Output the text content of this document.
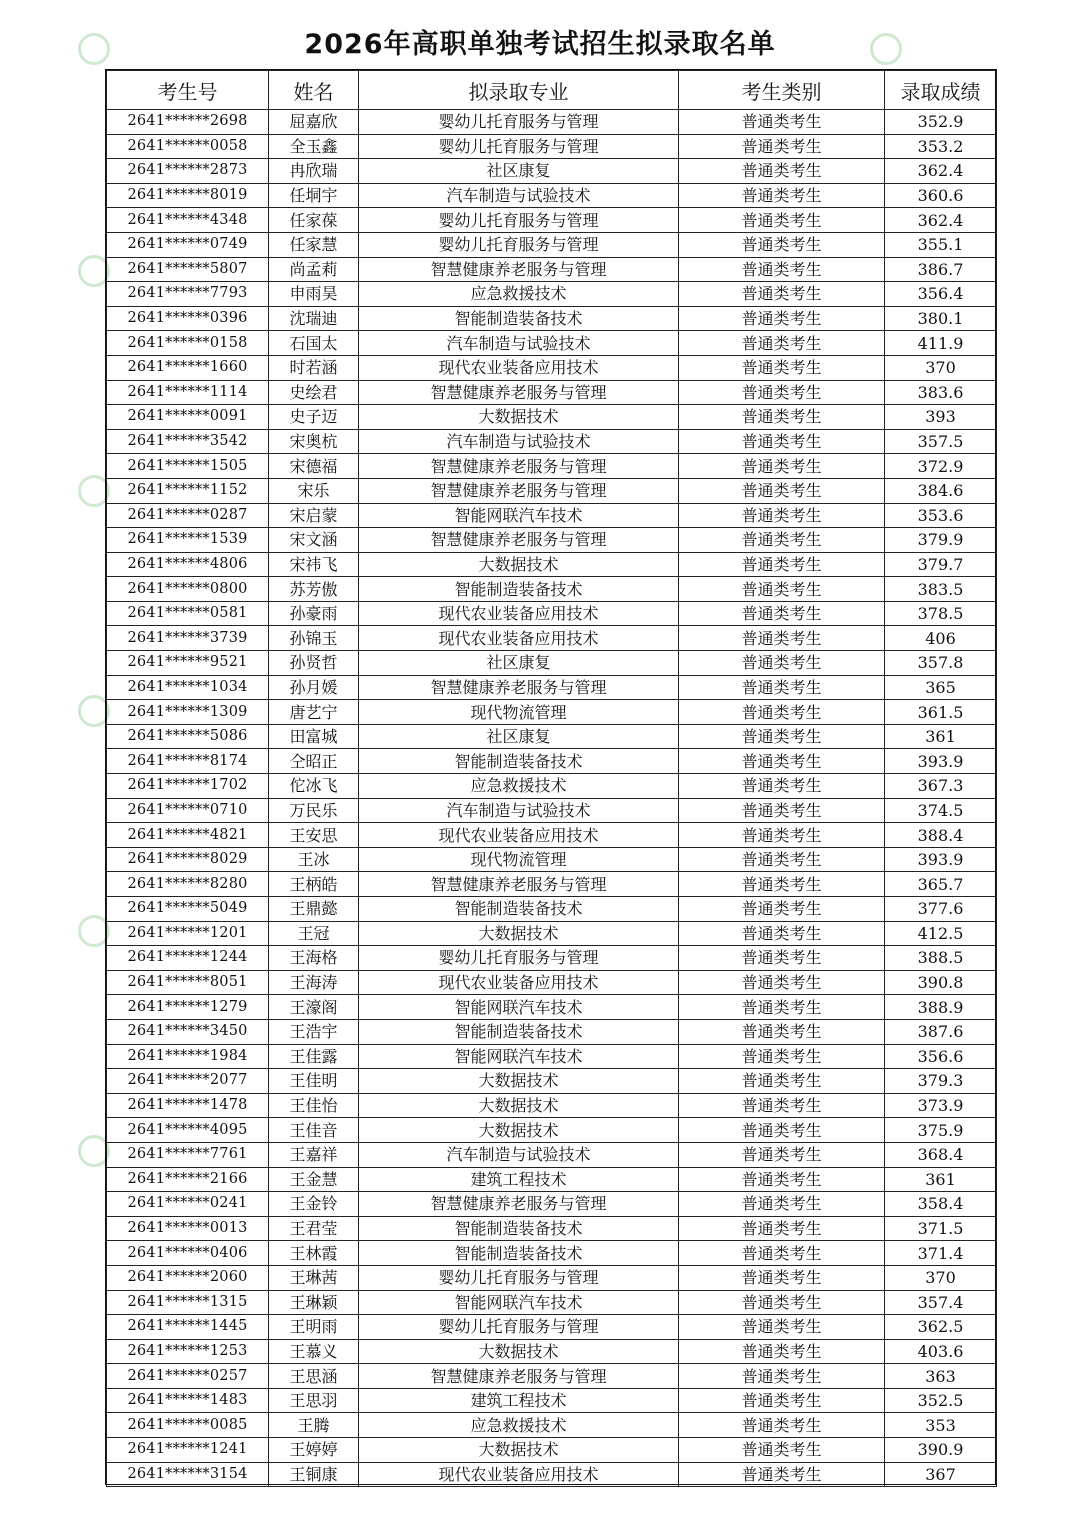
2026年高职单独考试招生拟录取名单
考生号	姓名	拟录取专业	考生类别	录取成绩
2641******2698	屈嘉欣	婴幼儿托育服务与管理	普通类考生	352.9
2641******0058	全玉鑫	婴幼儿托育服务与管理	普通类考生	353.2
2641******2873	冉欣瑞	社区康复	普通类考生	362.4
2641******8019	任垌宇	汽车制造与试验技术	普通类考生	360.6
2641******4348	任家葆	婴幼儿托育服务与管理	普通类考生	362.4
2641******0749	任家慧	婴幼儿托育服务与管理	普通类考生	355.1
2641******5807	尚孟莉	智慧健康养老服务与管理	普通类考生	386.7
2641******7793	申雨昊	应急救援技术	普通类考生	356.4
2641******0396	沈瑞迪	智能制造装备技术	普通类考生	380.1
2641******0158	石国太	汽车制造与试验技术	普通类考生	411.9
2641******1660	时若涵	现代农业装备应用技术	普通类考生	370
2641******1114	史绘君	智慧健康养老服务与管理	普通类考生	383.6
2641******0091	史子迈	大数据技术	普通类考生	393
2641******3542	宋奥杭	汽车制造与试验技术	普通类考生	357.5
2641******1505	宋德福	智慧健康养老服务与管理	普通类考生	372.9
2641******1152	宋乐	智慧健康养老服务与管理	普通类考生	384.6
2641******0287	宋启蒙	智能网联汽车技术	普通类考生	353.6
2641******1539	宋文涵	智慧健康养老服务与管理	普通类考生	379.9
2641******4806	宋祎飞	大数据技术	普通类考生	379.7
2641******0800	苏芳傲	智能制造装备技术	普通类考生	383.5
2641******0581	孙豪雨	现代农业装备应用技术	普通类考生	378.5
2641******3739	孙锦玉	现代农业装备应用技术	普通类考生	406
2641******9521	孙贤哲	社区康复	普通类考生	357.8
2641******1034	孙月媛	智慧健康养老服务与管理	普通类考生	365
2641******1309	唐艺宁	现代物流管理	普通类考生	361.5
2641******5086	田富城	社区康复	普通类考生	361
2641******8174	仝昭正	智能制造装备技术	普通类考生	393.9
2641******1702	佗冰飞	应急救援技术	普通类考生	367.3
2641******0710	万民乐	汽车制造与试验技术	普通类考生	374.5
2641******4821	王安思	现代农业装备应用技术	普通类考生	388.4
2641******8029	王冰	现代物流管理	普通类考生	393.9
2641******8280	王柄皓	智慧健康养老服务与管理	普通类考生	365.7
2641******5049	王鼎懿	智能制造装备技术	普通类考生	377.6
2641******1201	王冠	大数据技术	普通类考生	412.5
2641******1244	王海格	婴幼儿托育服务与管理	普通类考生	388.5
2641******8051	王海涛	现代农业装备应用技术	普通类考生	390.8
2641******1279	王濠阁	智能网联汽车技术	普通类考生	388.9
2641******3450	王浩宇	智能制造装备技术	普通类考生	387.6
2641******1984	王佳露	智能网联汽车技术	普通类考生	356.6
2641******2077	王佳明	大数据技术	普通类考生	379.3
2641******1478	王佳怡	大数据技术	普通类考生	373.9
2641******4095	王佳音	大数据技术	普通类考生	375.9
2641******7761	王嘉祥	汽车制造与试验技术	普通类考生	368.4
2641******2166	王金慧	建筑工程技术	普通类考生	361
2641******0241	王金铃	智慧健康养老服务与管理	普通类考生	358.4
2641******0013	王君莹	智能制造装备技术	普通类考生	371.5
2641******0406	王林霞	智能制造装备技术	普通类考生	371.4
2641******2060	王琳茜	婴幼儿托育服务与管理	普通类考生	370
2641******1315	王琳颖	智能网联汽车技术	普通类考生	357.4
2641******1445	王明雨	婴幼儿托育服务与管理	普通类考生	362.5
2641******1253	王慕义	大数据技术	普通类考生	403.6
2641******0257	王思涵	智慧健康养老服务与管理	普通类考生	363
2641******1483	王思羽	建筑工程技术	普通类考生	352.5
2641******0085	王腾	应急救援技术	普通类考生	353
2641******1241	王婷婷	大数据技术	普通类考生	390.9
2641******3154	王铜康	现代农业装备应用技术	普通类考生	367
